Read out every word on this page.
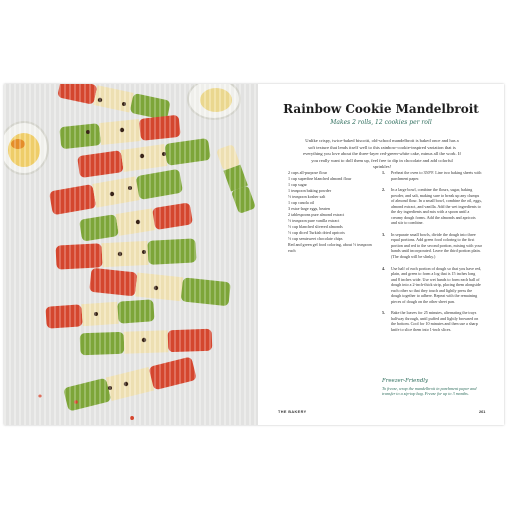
Rainbow Cookie Mandelbroit
Makes 2 rolls, 12 cookies per roll
Unlike crispy, twice-baked biscotti, old-school mandelbroit is baked once and has a soft texture that lends itself well to this rainbow-cookie-inspired variation that is everything you love about the three-layer red-green-white cake, minus all the work. If you really want to doll them up, feel free to dip in chocolate and add colorful sprinkles!
2 cups all-purpose flour
1 cup superfine blanched almond flour
1 cup sugar
1 teaspoon baking powder
½ teaspoon kosher salt
1 cup canola oil
3 extra-large eggs, beaten
2 tablespoons pure almond extract
½ teaspoon pure vanilla extract
½ cup blanched slivered almonds
½ cup diced Turkish dried apricots
½ cup semisweet chocolate chips
Red and green gel food coloring, about ½ teaspoon each
1. Preheat the oven to 350°F. Line two baking sheets with parchment paper.
2. In a large bowl, combine the flours, sugar, baking powder, and salt, making sure to break up any clumps of almond flour. In a small bowl, combine the oil, eggs, almond extract, and vanilla. Add the wet ingredients to the dry ingredients and mix with a spoon until a creamy dough forms. Add the almonds and apricots and stir to combine.
3. In separate small bowls, divide the dough into three equal portions. Add green food coloring to the first portion and red to the second portion, mixing with your hands until incorporated. Leave the third portion plain. (The dough will be slinky.)
4. Use half of each portion of dough so that you have red, plain, and green to form a log that is 15 inches long and 8 inches wide. Use wet hands to form each ball of dough into a 2-inch-thick strip, placing them alongside each other so that they touch and lightly press the dough together to adhere. Repeat with the remaining pieces of dough on the other sheet pan.
5. Bake the loaves for 25 minutes, alternating the trays halfway through, until puffed and lightly browned on the bottom. Cool for 10 minutes and then use a sharp knife to slice them into 1-inch slices.
Freezer-Friendly
To freeze, wrap the mandelbroit in parchment paper and transfer to a zip-top bag. Freeze for up to 3 months.
THE BAKERY	261
